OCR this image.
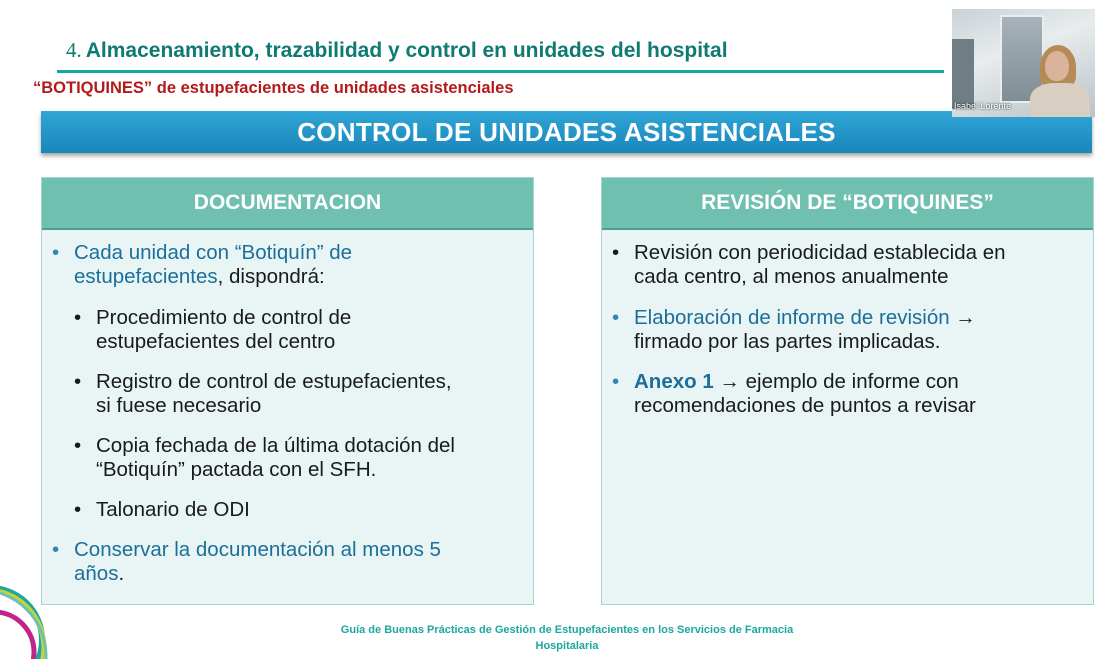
4. Almacenamiento, trazabilidad y control en unidades del hospital
“BOTIQUINES” de estupefacientes de unidades asistenciales
CONTROL DE UNIDADES ASISTENCIALES
Isabel Lorente
DOCUMENTACION
• Cada unidad con “Botiquín” de
estupefacientes, dispondrá:
• Procedimiento de control de
estupefacientes del centro
• Registro de control de estupefacientes,
si fuese necesario
• Copia fechada de la última dotación del
“Botiquín” pactada con el SFH.
• Talonario de ODI
• Conservar la documentación al menos 5
años.
REVISIÓN DE “BOTIQUINES”
• Revisión con periodicidad establecida en
cada centro, al menos anualmente
• Elaboración de informe de revisión →
firmado por las partes implicadas.
• Anexo 1 → ejemplo de informe con
recomendaciones de puntos a revisar
Guía de Buenas Prácticas de Gestión de Estupefacientes en los Servicios de Farmacia
Hospitalaria
